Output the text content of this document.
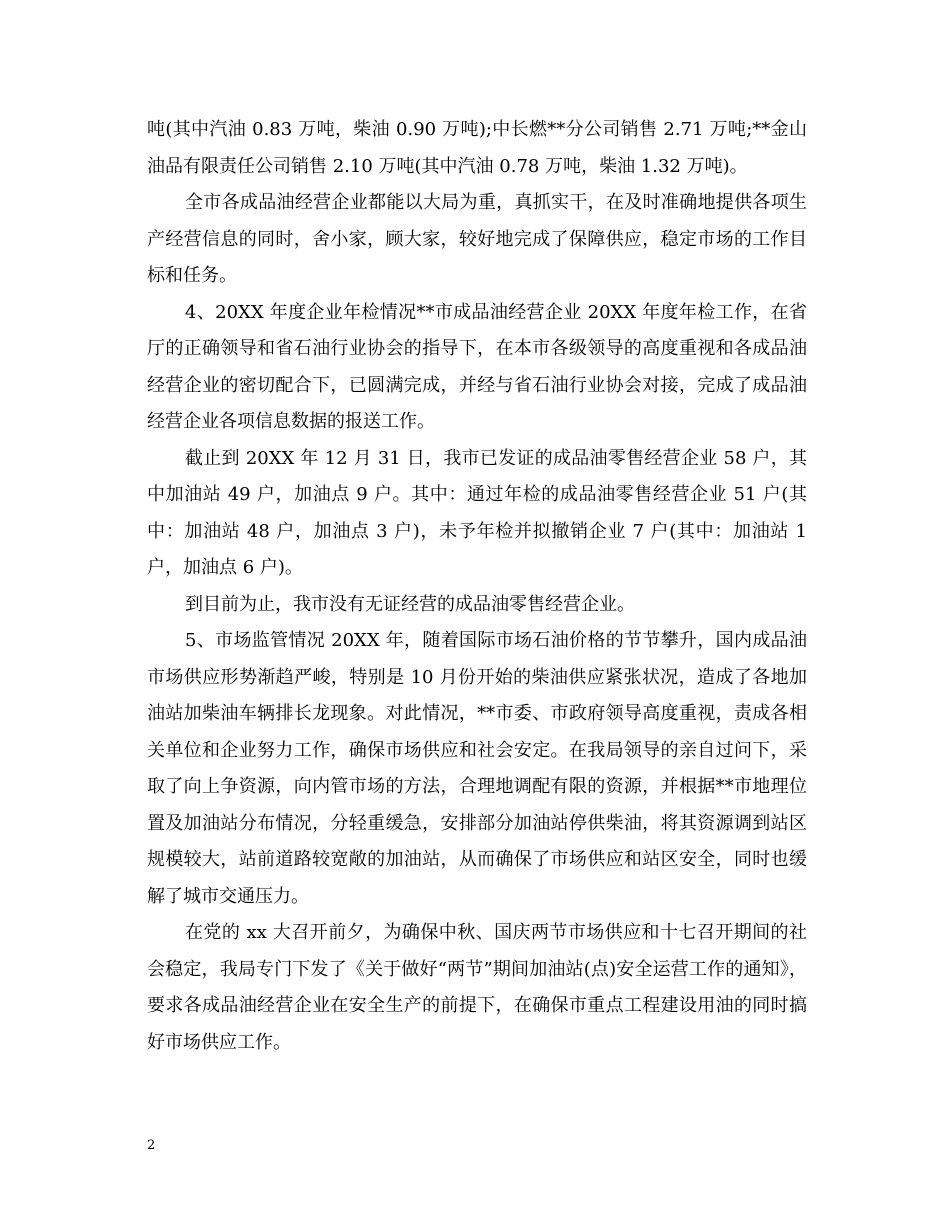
吨(其中汽油 0.83 万吨，柴油 0.90 万吨);中长燃**分公司销售 2.71 万吨;**金山油品有限责任公司销售 2.10 万吨(其中汽油 0.78 万吨，柴油 1.32 万吨)。

全市各成品油经营企业都能以大局为重，真抓实干，在及时准确地提供各项生产经营信息的同时，舍小家，顾大家，较好地完成了保障供应，稳定市场的工作目标和任务。

4、20XX 年度企业年检情况**市成品油经营企业 20XX 年度年检工作，在省厅的正确领导和省石油行业协会的指导下，在本市各级领导的高度重视和各成品油经营企业的密切配合下，已圆满完成，并经与省石油行业协会对接，完成了成品油经营企业各项信息数据的报送工作。

截止到 20XX 年 12 月 31 日，我市已发证的成品油零售经营企业 58 户，其中加油站 49 户，加油点 9 户。其中：通过年检的成品油零售经营企业 51 户(其中：加油站 48 户，加油点 3 户)，未予年检并拟撤销企业 7 户(其中：加油站 1 户，加油点 6 户)。

到目前为止，我市没有无证经营的成品油零售经营企业。

5、市场监管情况 20XX 年，随着国际市场石油价格的节节攀升，国内成品油市场供应形势渐趋严峻，特别是 10 月份开始的柴油供应紧张状况，造成了各地加油站加柴油车辆排长龙现象。对此情况，**市委、市政府领导高度重视，责成各相关单位和企业努力工作，确保市场供应和社会安定。在我局领导的亲自过问下，采取了向上争资源，向内管市场的方法，合理地调配有限的资源，并根据**市地理位置及加油站分布情况，分轻重缓急，安排部分加油站停供柴油，将其资源调到站区规模较大，站前道路较宽敞的加油站，从而确保了市场供应和站区安全，同时也缓解了城市交通压力。

在党的 xx 大召开前夕，为确保中秋、国庆两节市场供应和十七召开期间的社会稳定，我局专门下发了《关于做好“两节”期间加油站(点)安全运营工作的通知》，要求各成品油经营企业在安全生产的前提下，在确保市重点工程建设用油的同时搞好市场供应工作。

2
